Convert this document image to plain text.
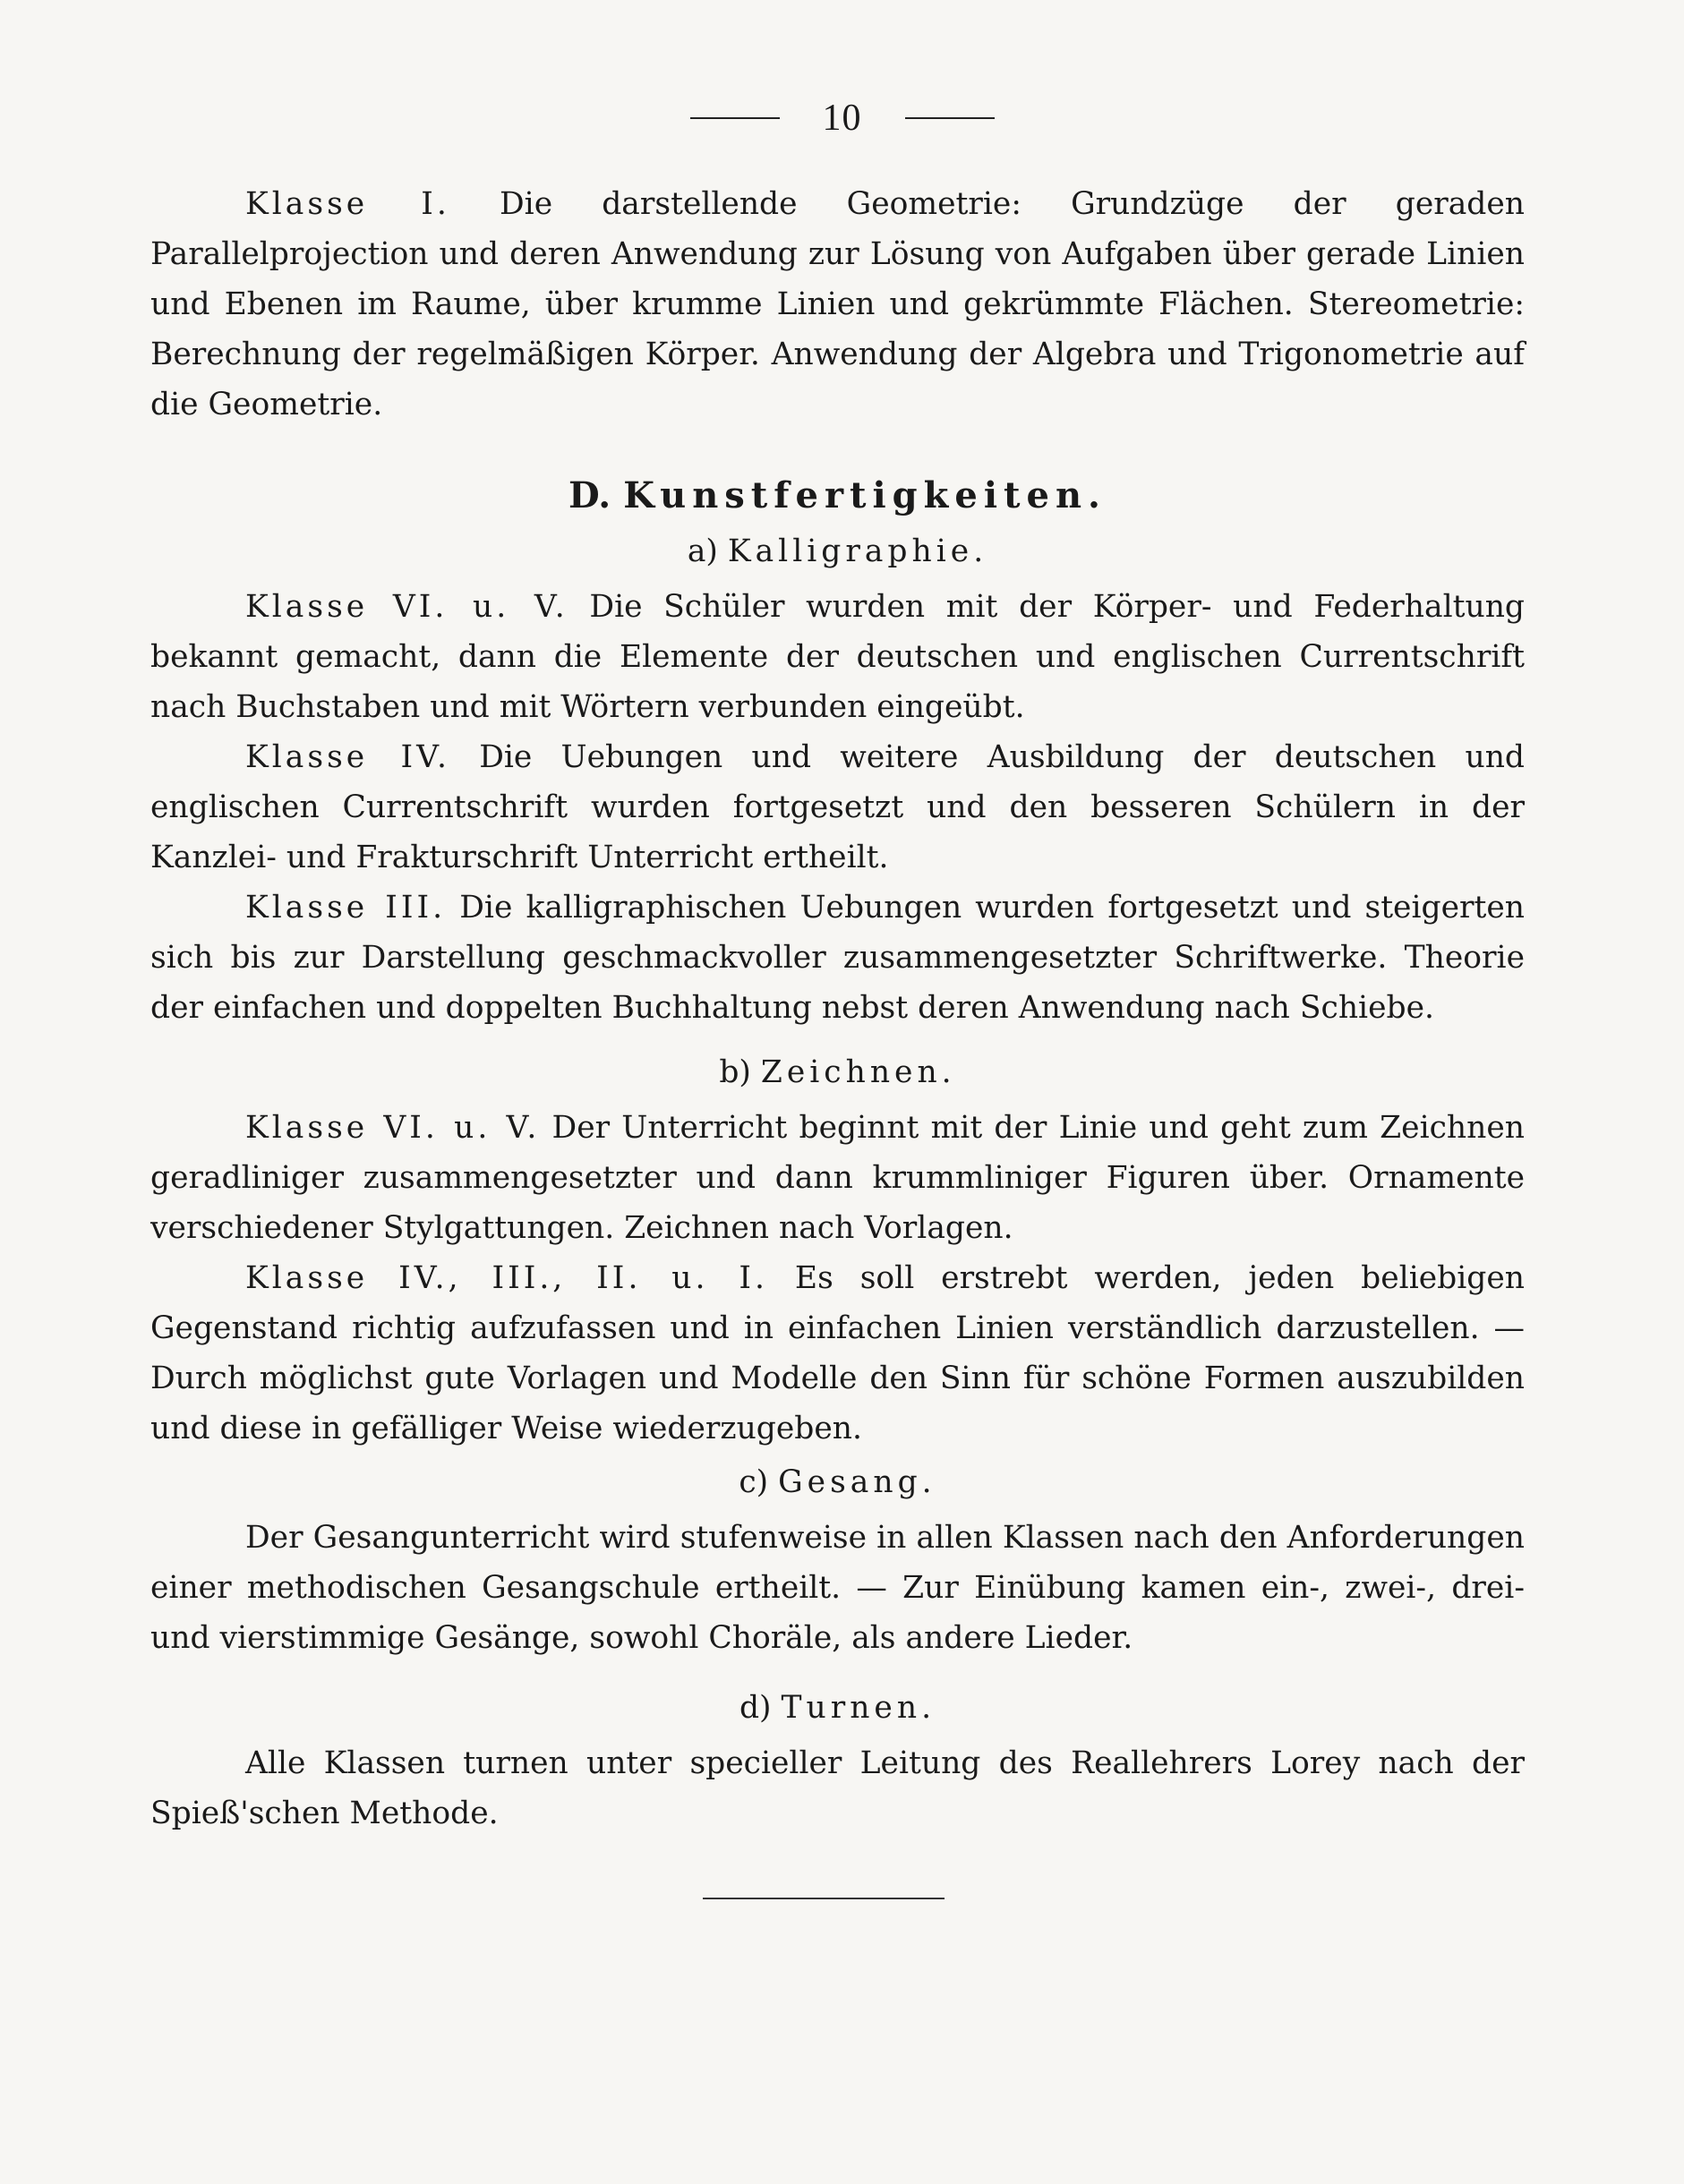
10

Klasse I. Die darstellende Geometrie: Grundzüge der geraden Parallelprojection und deren Anwendung zur Lösung von Aufgaben über gerade Linien und Ebenen im Raume, über krumme Linien und gekrümmte Flächen. Stereometrie: Berechnung der regelmäßigen Körper. Anwendung der Algebra und Trigonometrie auf die Geometrie.

D. Kunstfertigkeiten.
a) Kalligraphie.

Klasse VI. u. V. Die Schüler wurden mit der Körper- und Federhaltung bekannt gemacht, dann die Elemente der deutschen und englischen Currentschrift nach Buchstaben und mit Wörtern verbunden eingeübt.

Klasse IV. Die Uebungen und weitere Ausbildung der deutschen und englischen Currentschrift wurden fortgesetzt und den besseren Schülern in der Kanzlei- und Frakturschrift Unterricht ertheilt.

Klasse III. Die kalligraphischen Uebungen wurden fortgesetzt und steigerten sich bis zur Darstellung geschmackvoller zusammengesetzter Schriftwerke. Theorie der einfachen und doppelten Buchhaltung nebst deren Anwendung nach Schiebe.

b) Zeichnen.

Klasse VI. u. V. Der Unterricht beginnt mit der Linie und geht zum Zeichnen geradliniger zusammengesetzter und dann krummliniger Figuren über. Ornamente verschiedener Stylgattungen. Zeichnen nach Vorlagen.

Klasse IV., III., II. u. I. Es soll erstrebt werden, jeden beliebigen Gegenstand richtig aufzufassen und in einfachen Linien verständlich darzustellen. — Durch möglichst gute Vorlagen und Modelle den Sinn für schöne Formen auszubilden und diese in gefälliger Weise wiederzugeben.

c) Gesang.

Der Gesangunterricht wird stufenweise in allen Klassen nach den Anforderungen einer methodischen Gesangschule ertheilt. — Zur Einübung kamen ein-, zwei-, drei- und vierstimmige Gesänge, sowohl Choräle, als andere Lieder.

d) Turnen.

Alle Klassen turnen unter specieller Leitung des Reallehrers Lorey nach der Spieß'schen Methode.
